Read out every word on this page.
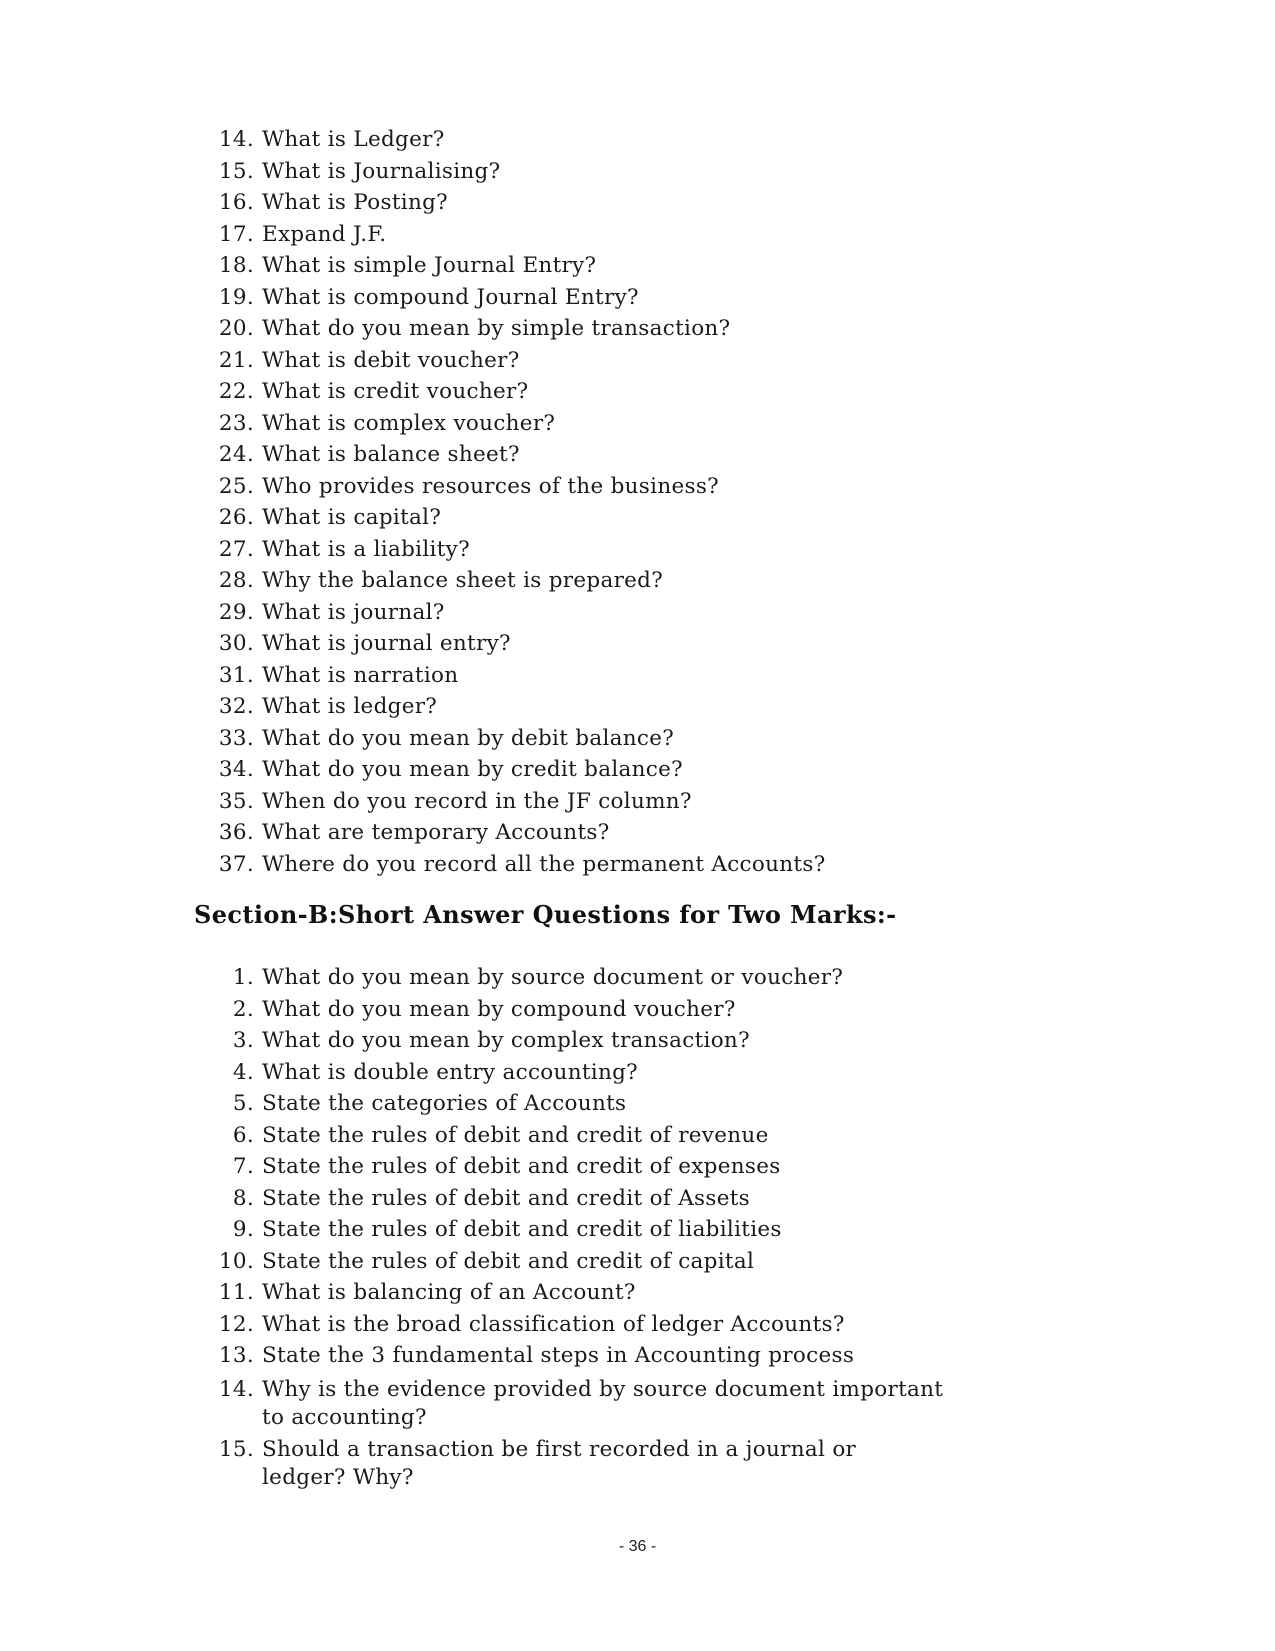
14. What is Ledger?
15. What is Journalising?
16. What is Posting?
17. Expand J.F.
18. What is simple Journal Entry?
19. What is compound Journal Entry?
20. What do you mean by simple transaction?
21. What is debit voucher?
22. What is credit voucher?
23. What is complex voucher?
24. What is balance sheet?
25. Who provides resources of the business?
26. What is capital?
27. What is a liability?
28. Why the balance sheet is prepared?
29. What is journal?
30. What is journal entry?
31. What is narration
32. What is ledger?
33. What do you mean by debit balance?
34. What do you mean by credit balance?
35. When do you record in the JF column?
36. What are temporary Accounts?
37. Where do you record all the permanent Accounts?
Section-B:Short Answer Questions for Two Marks:-
1. What do you mean by source document or voucher?
2. What do you mean by compound voucher?
3. What do you mean by complex transaction?
4. What is double entry accounting?
5. State the categories of Accounts
6. State the rules of debit and credit of revenue
7. State the rules of debit and credit of expenses
8. State the rules of debit and credit of Assets
9. State the rules of debit and credit of liabilities
10. State the rules of debit and credit of capital
11. What is balancing of an Account?
12. What is the broad classification of ledger Accounts?
13. State the 3 fundamental steps in Accounting process
14. Why is the evidence provided by source document important to accounting?
15. Should a transaction be first recorded in a journal or ledger? Why?
- 36 -
